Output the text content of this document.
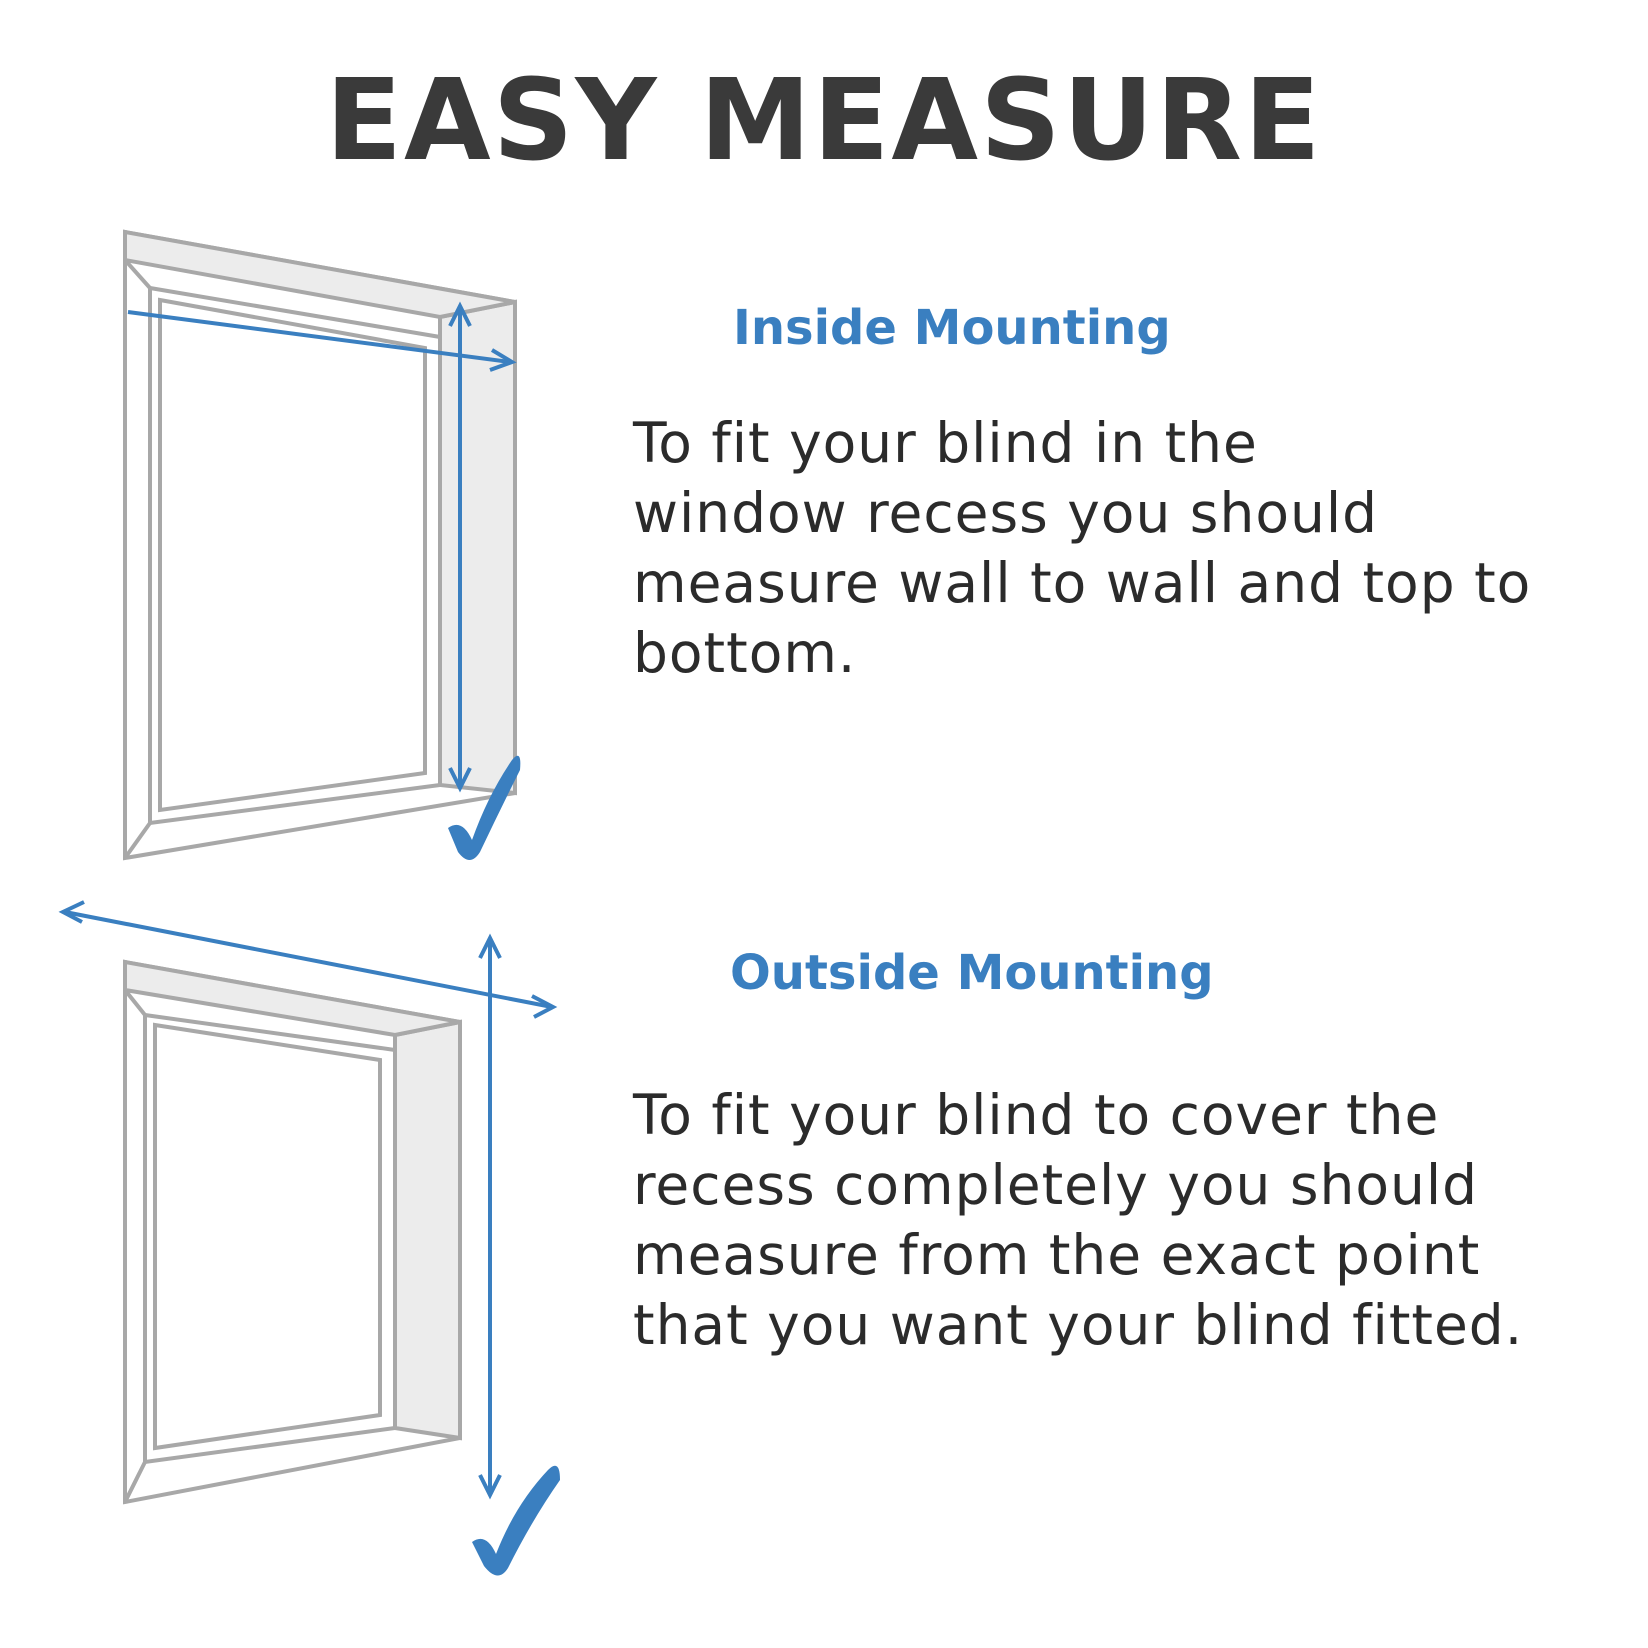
EASY MEASURE
Inside Mounting

To fit your blind in the
window recess you should
measure wall to wall and top to
bottom.

Outside Mounting

To fit your blind to cover the
recess completely you should
measure from the exact point
that you want your blind fitted.
